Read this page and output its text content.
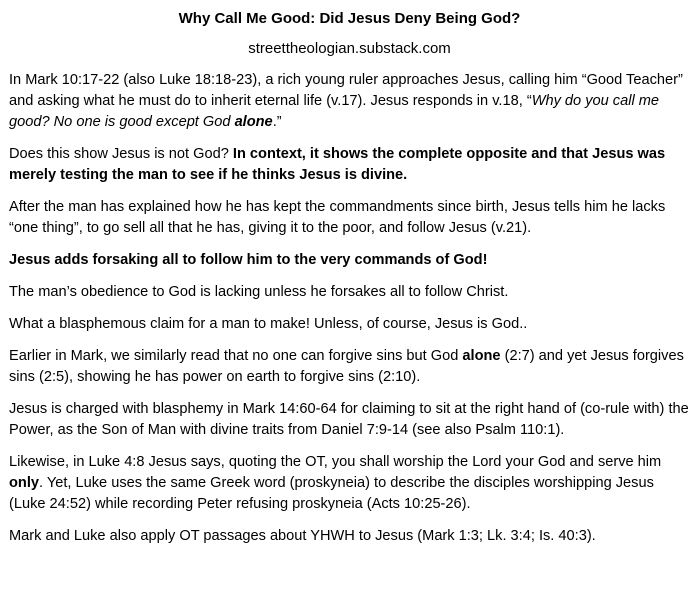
Why Call Me Good: Did Jesus Deny Being God?
streettheologian.substack.com

In Mark 10:17-22 (also Luke 18:18-23), a rich young ruler approaches Jesus, calling him “Good Teacher” and asking what he must do to inherit eternal life (v.17). Jesus responds in v.18, “Why do you call me good? No one is good except God alone.”

Does this show Jesus is not God? In context, it shows the complete opposite and that Jesus was merely testing the man to see if he thinks Jesus is divine.

After the man has explained how he has kept the commandments since birth, Jesus tells him he lacks “one thing”, to go sell all that he has, giving it to the poor, and follow Jesus (v.21).

Jesus adds forsaking all to follow him to the very commands of God!

The man’s obedience to God is lacking unless he forsakes all to follow Christ.

What a blasphemous claim for a man to make! Unless, of course, Jesus is God..

Earlier in Mark, we similarly read that no one can forgive sins but God alone (2:7) and yet Jesus forgives sins (2:5), showing he has power on earth to forgive sins (2:10).

Jesus is charged with blasphemy in Mark 14:60-64 for claiming to sit at the right hand of (co-rule with) the Power, as the Son of Man with divine traits from Daniel 7:9-14 (see also Psalm 110:1).

Likewise, in Luke 4:8 Jesus says, quoting the OT, you shall worship the Lord your God and serve him only. Yet, Luke uses the same Greek word (proskyneia) to describe the disciples worshipping Jesus (Luke 24:52) while recording Peter refusing proskyneia (Acts 10:25-26).

Mark and Luke also apply OT passages about YHWH to Jesus (Mark 1:3; Lk. 3:4; Is. 40:3).
